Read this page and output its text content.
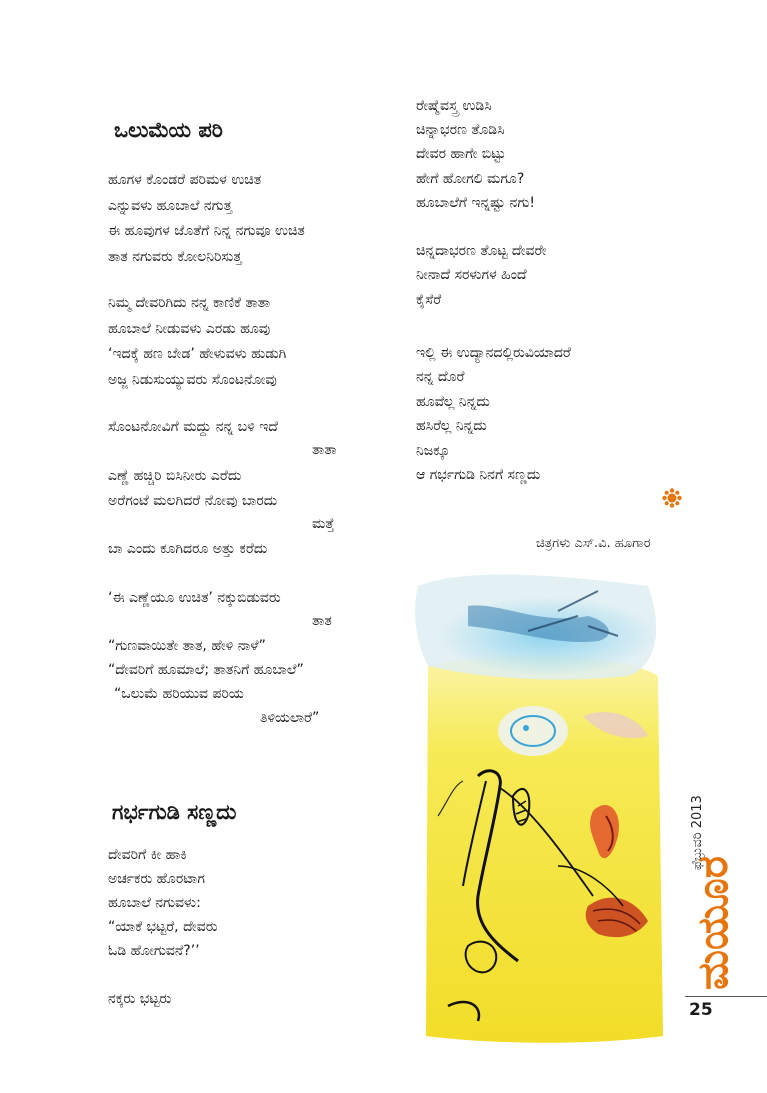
ಒಲುಮೆಯ ಪರಿ
ಹೂಗಳ ಕೊಂಡರೆ ಪರಿಮಳ ಉಚಿತ
ಎನ್ನುವಳು ಹೂಬಾಲೆ ನಗುತ್ತ
ಈ ಹೂವುಗಳ ಜೊತೆಗೆ ನಿನ್ನ ನಗುವೂ ಉಚಿತ
ತಾತ ನಗುವರು ಕೋಲನಿರಿಸುತ್ತ
ನಿಮ್ಮ ದೇವರಿಗಿದು ನನ್ನ ಕಾಣಿಕೆ ತಾತಾ
ಹೂಬಾಲೆ ನೀಡುವಳು ಎರಡು ಹೂವು
‘ಇದಕ್ಕೆ ಹಣ ಬೇಡ’ ಹೇಳುವಳು ಹುಡುಗಿ
ಅಜ್ಜ ನಿಡುಸುಯ್ಯುವರು ಸೊಂಟನೋವು
ಸೊಂಟನೋವಿಗೆ ಮದ್ದು ನನ್ನ ಬಳಿ ಇದೆ
ತಾತಾ
ಎಣ್ಣೆ ಹಚ್ಚಿರಿ ಬಿಸಿನೀರು ಎರೆದು
ಅರೆಗಂಟೆ ಮಲಗಿದರೆ ನೋವು ಬಾರದು
ಮತ್ತೆ
ಬಾ ಎಂದು ಕೂಗಿದರೂ ಅತ್ತು ಕರೆದು
‘ಈ ಎಣ್ಣೆಯೂ ಉಚಿತ’ ನಕ್ಕುಬಿಡುವರು
ತಾತ
“ಗುಣವಾಯಿತೇ ತಾತ, ಹೇಳಿ ನಾಳೆ”
“ದೇವರಿಗೆ ಹೂಮಾಲೆ; ತಾತನಿಗೆ ಹೂಬಾಲೆ”
“ಒಲುಮೆ ಹರಿಯುವ ಪರಿಯ
ತಿಳಿಯಲಾರೆ”
ರೇಷ್ಮೆವಸ್ತ್ರ ಉಡಿಸಿ
ಚಿನ್ನಾಭರಣ ತೊಡಿಸಿ
ದೇವರ ಹಾಗೇ ಬಿಟ್ಟು
ಹೇಗೆ ಹೋಗಲಿ ಮಗೂ?
ಹೂಬಾಲೆಗೆ ಇನ್ನಷ್ಟು ನಗು!
ಚಿನ್ನದಾಭರಣ ತೊಟ್ಟ ದೇವರೇ
ನೀನಾದೆ ಸರಳುಗಳ ಹಿಂದೆ
ಕೈಸೆರೆ
ಇಲ್ಲಿ ಈ ಉದ್ಯಾನದಲ್ಲಿರುವಿಯಾದರೆ
ನನ್ನ ದೊರೆ
ಹೂವೆಲ್ಲ ನಿನ್ನದು
ಹಸಿರೆಲ್ಲ ನಿನ್ನದು
ನಿಜಕ್ಕೂ
ಆ ಗರ್ಭಗುಡಿ ನಿನಗೆ ಸಣ್ಣದು
ಚಿತ್ರಗಳು ಎಸ್.ವಿ. ಹೂಗಾರ
ಗರ್ಭಗುಡಿ ಸಣ್ಣದು
ದೇವರಿಗೆ ಕೀ ಹಾಕಿ
ಅರ್ಚಕರು ಹೊರಟಾಗ
ಹೂಬಾಲೆ ನಗುವಳು:
“ಯಾಕೆ ಭಟ್ಟರೆ, ದೇವರು
ಓಡಿ ಹೋಗುವನೆ?’’
ನಕ್ಕರು ಭಟ್ಟರು
ಫೆಬ್ರುವರಿ 2013
ಮಯೂರ
25
